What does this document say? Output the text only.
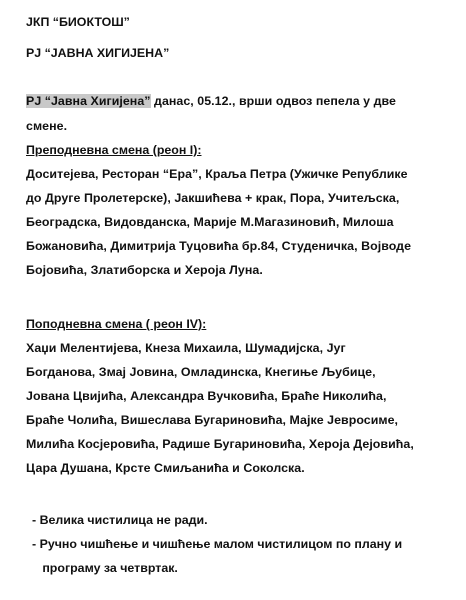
ЈКП “БИОКТОШ”
РЈ “ЈАВНА ХИГИЈЕНА”
РЈ “Јавна Хигијена” данас, 05.12., врши одвоз пепела у две
смене.
Преподневна смена (реон I):
Доситејева, Ресторан “Ера”, Краља Петра (Ужичке Републике
до Друге Пролетерске), Јакшићева + крак, Пора, Учитељска,
Београдска, Видовданска, Марије М.Магазиновић, Милоша
Божановића, Димитрија Туцовића бр.84, Студеничка, Војводе
Бојовића, Златиборска и Хероја Луна.
Поподневна смена ( реон IV):
Хаџи Мелентијева, Кнеза Михаила, Шумадијска, Југ
Богданова, Змај Јовина, Омладинска, Кнегиње Љубице,
Јована Цвијића, Александра Вучковића, Браће Николића,
Браће Чолића, Вишеслава Бугариновића, Мајке Јевросиме,
Милића Косјеровића, Радише Бугариновића, Хероја Дејовића,
Цара Душана, Крсте Смиљанића и Соколска.
- Велика чистилица не ради.
- Ручно чишћење и чишћење малом чистилицом по плану и
програму за четвртак.
